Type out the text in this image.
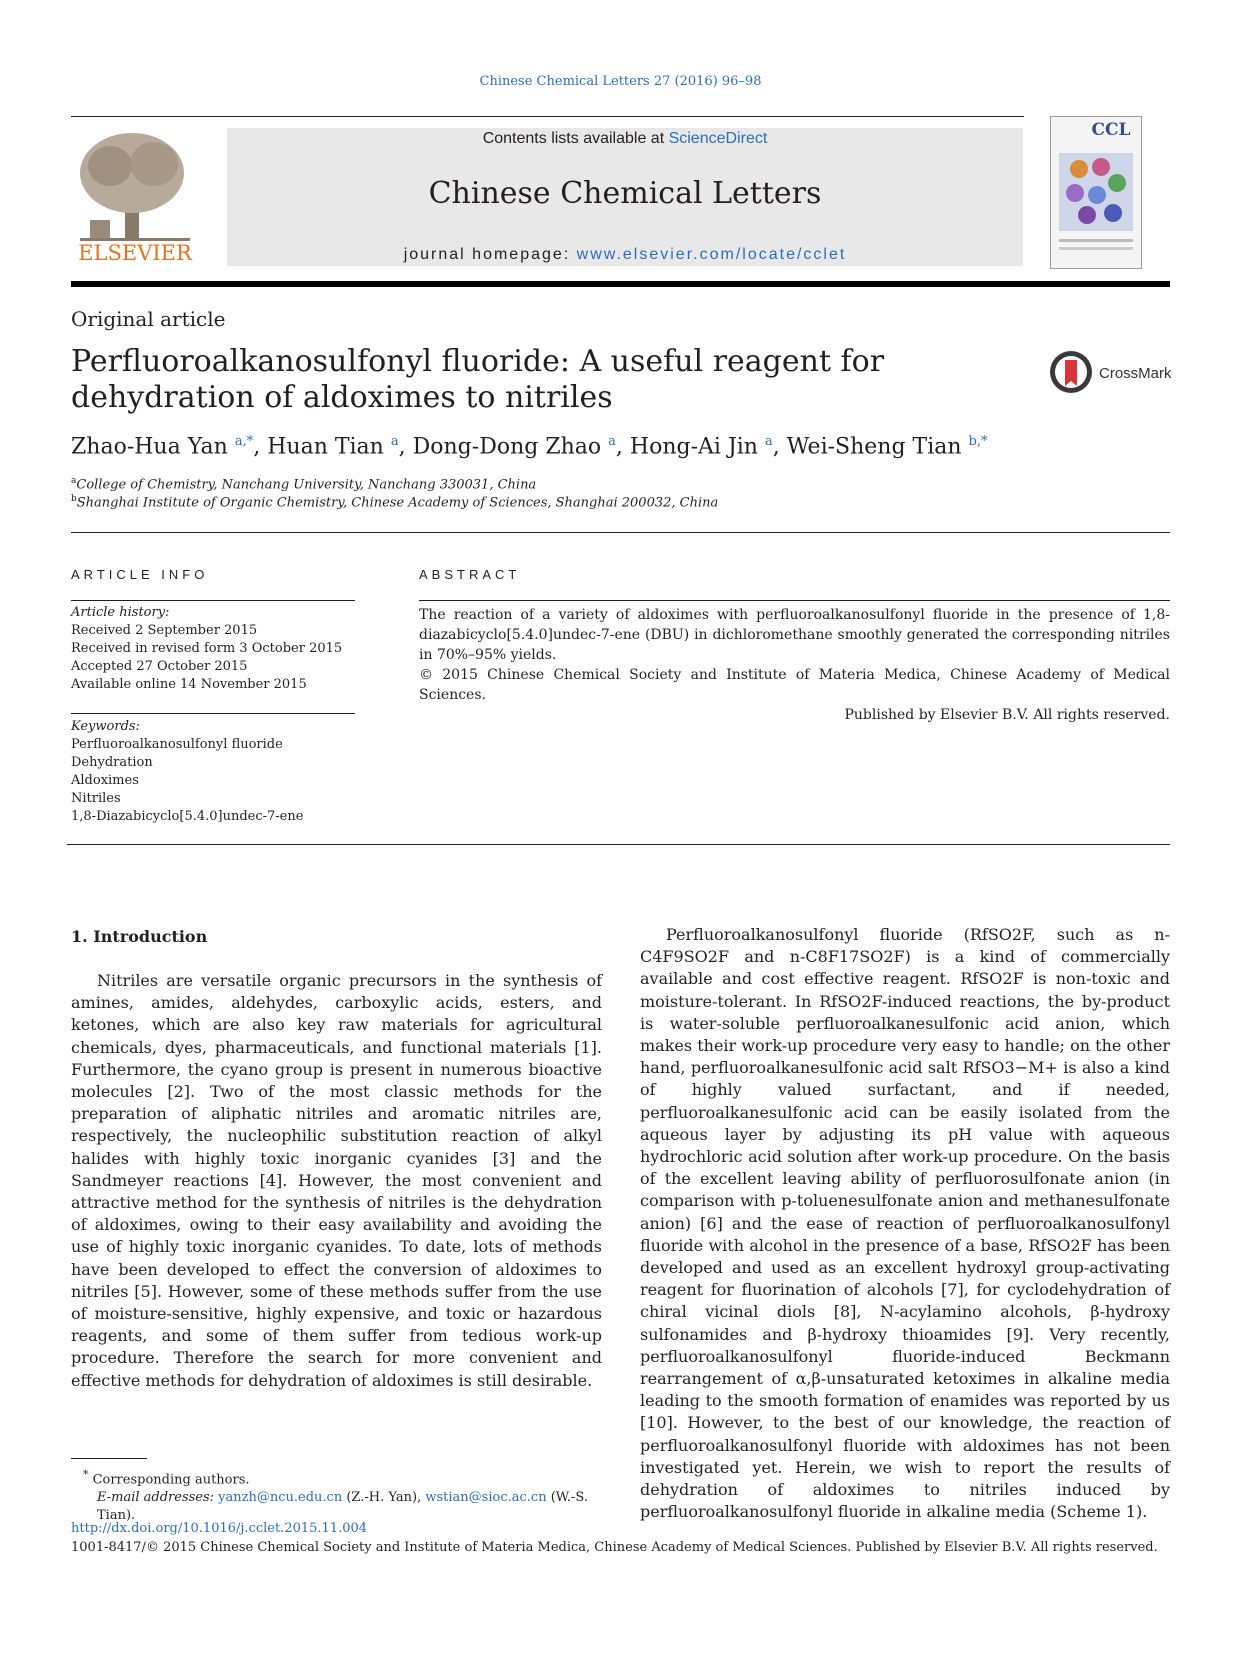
Chinese Chemical Letters 27 (2016) 96–98
ELSEVIER
Contents lists available at ScienceDirect
Chinese Chemical Letters
journal homepage: www.elsevier.com/locate/cclet
CCL
Original article
Perfluoroalkanosulfonyl fluoride: A useful reagent for dehydration of aldoximes to nitriles
CrossMark
Zhao-Hua Yan $^{a,*}$, Huan Tian $^a$, Dong-Dong Zhao $^a$, Hong-Ai Jin $^a$, Wei-Sheng Tian $^{b,*}$
$^a$College of Chemistry, Nanchang University, Nanchang 330031, China
$^b$Shanghai Institute of Organic Chemistry, Chinese Academy of Sciences, Shanghai 200032, China
ARTICLE INFO
Article history:
Received 2 September 2015
Received in revised form 3 October 2015
Accepted 27 October 2015
Available online 14 November 2015
Keywords:
Perfluoroalkanosulfonyl fluoride
Dehydration
Aldoximes
Nitriles
1,8-Diazabicyclo[5.4.0]undec-7-ene
ABSTRACT
The reaction of a variety of aldoximes with perfluoroalkanosulfonyl fluoride in the presence of 1,8-diazabicyclo[5.4.0]undec-7-ene (DBU) in dichloromethane smoothly generated the corresponding nitriles in 70%–95% yields.
© 2015 Chinese Chemical Society and Institute of Materia Medica, Chinese Academy of Medical Sciences.
Published by Elsevier B.V. All rights reserved.
1. Introduction
Nitriles are versatile organic precursors in the synthesis of amines, amides, aldehydes, carboxylic acids, esters, and ketones, which are also key raw materials for agricultural chemicals, dyes, pharmaceuticals, and functional materials [1]. Furthermore, the cyano group is present in numerous bioactive molecules [2]. Two of the most classic methods for the preparation of aliphatic nitriles and aromatic nitriles are, respectively, the nucleophilic substitution reaction of alkyl halides with highly toxic inorganic cyanides [3] and the Sandmeyer reactions [4]. However, the most convenient and attractive method for the synthesis of nitriles is the dehydration of aldoximes, owing to their easy availability and avoiding the use of highly toxic inorganic cyanides. To date, lots of methods have been developed to effect the conversion of aldoximes to nitriles [5]. However, some of these methods suffer from the use of moisture-sensitive, highly expensive, and toxic or hazardous reagents, and some of them suffer from tedious work-up procedure. Therefore the search for more convenient and effective methods for dehydration of aldoximes is still desirable.
Perfluoroalkanosulfonyl fluoride (RfSO2F, such as n-C4F9SO2F and n-C8F17SO2F) is a kind of commercially available and cost effective reagent. RfSO2F is non-toxic and moisture-tolerant. In RfSO2F-induced reactions, the by-product is water-soluble perfluoroalkanesulfonic acid anion, which makes their work-up procedure very easy to handle; on the other hand, perfluoroalkanesulfonic acid salt RfSO3−M+ is also a kind of highly valued surfactant, and if needed, perfluoroalkanesulfonic acid can be easily isolated from the aqueous layer by adjusting its pH value with aqueous hydrochloric acid solution after work-up procedure. On the basis of the excellent leaving ability of perfluorosulfonate anion (in comparison with p-toluenesulfonate anion and methanesulfonate anion) [6] and the ease of reaction of perfluoroalkanosulfonyl fluoride with alcohol in the presence of a base, RfSO2F has been developed and used as an excellent hydroxyl group-activating reagent for fluorination of alcohols [7], for cyclodehydration of chiral vicinal diols [8], N-acylamino alcohols, β-hydroxy sulfonamides and β-hydroxy thioamides [9]. Very recently, perfluoroalkanosulfonyl fluoride-induced Beckmann rearrangement of α,β-unsaturated ketoximes in alkaline media leading to the smooth formation of enamides was reported by us [10]. However, to the best of our knowledge, the reaction of perfluoroalkanosulfonyl fluoride with aldoximes has not been investigated yet. Herein, we wish to report the results of dehydration of aldoximes to nitriles induced by perfluoroalkanosulfonyl fluoride in alkaline media (Scheme 1).
* Corresponding authors.
E-mail addresses: yanzh@ncu.edu.cn (Z.-H. Yan), wstian@sioc.ac.cn (W.-S. Tian).
http://dx.doi.org/10.1016/j.cclet.2015.11.004
1001-8417/© 2015 Chinese Chemical Society and Institute of Materia Medica, Chinese Academy of Medical Sciences. Published by Elsevier B.V. All rights reserved.
